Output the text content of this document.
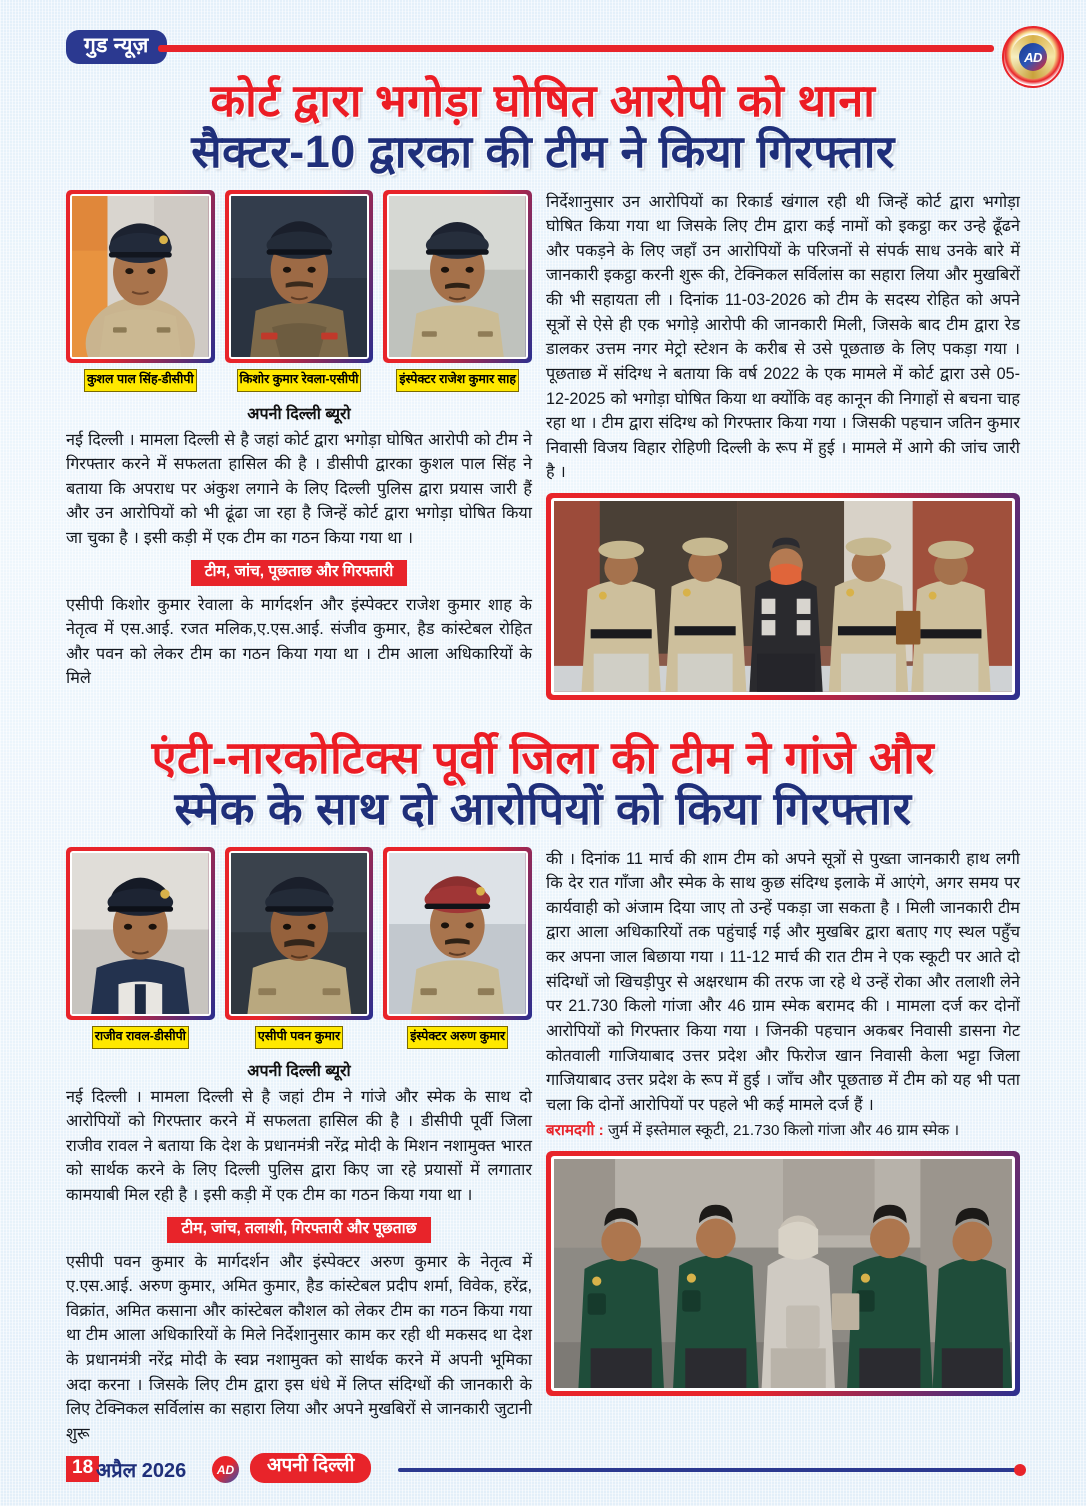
गुड न्यूज़	AD
कोर्ट द्वारा भगोड़ा घोषित आरोपी को थाना
सैक्टर-10 द्वारका की टीम ने किया गिरफ्तार
कुशल पाल सिंह-डीसीपी	किशोर कुमार रेवला-एसीपी	इंस्पेक्टर राजेश कुमार साह
अपनी दिल्ली ब्यूरो
नई दिल्ली । मामला दिल्ली से है जहां कोर्ट द्वारा भगोड़ा घोषित आरोपी को टीम ने गिरफ्तार करने में सफलता हासिल की है । डीसीपी द्वारका कुशल पाल सिंह ने बताया कि अपराध पर अंकुश लगाने के लिए दिल्ली पुलिस द्वारा प्रयास जारी हैं और उन आरोपियों को भी ढूंढा जा रहा है जिन्हें कोर्ट द्वारा भगोड़ा घोषित किया जा चुका है । इसी कड़ी में एक टीम का गठन किया गया था ।
टीम, जांच, पूछताछ और गिरफ्तारी
एसीपी किशोर कुमार रेवाला के मार्गदर्शन और इंस्पेक्टर राजेश कुमार शाह के नेतृत्व में एस.आई. रजत मलिक,ए.एस.आई. संजीव कुमार, हैड कांस्टेबल रोहित और पवन को लेकर टीम का गठन किया गया था । टीम आला अधिकारियों के मिले
निर्देशानुसार उन आरोपियों का रिकार्ड खंगाल रही थी जिन्हें कोर्ट द्वारा भगोड़ा घोषित किया गया था जिसके लिए टीम द्वारा कई नामों को इकट्ठा कर उन्हे ढूँढने और पकड़ने के लिए जहाँ उन आरोपियों के परिजनों से संपर्क साध उनके बारे में जानकारी इकट्ठा करनी शुरू की, टेक्निकल सर्विलांस का सहारा लिया और मुखबिरों की भी सहायता ली । दिनांक 11-03-2026 को टीम के सदस्य रोहित को अपने सूत्रों से ऐसे ही एक भगोड़े आरोपी की जानकारी मिली, जिसके बाद टीम द्वारा रेड डालकर उत्तम नगर मेट्रो स्टेशन के करीब से उसे पूछताछ के लिए पकड़ा गया । पूछताछ में संदिग्ध ने बताया कि वर्ष 2022 के एक मामले में कोर्ट द्वारा उसे 05-12-2025 को भगोड़ा घोषित किया था क्योंकि वह कानून की निगाहों से बचना चाह रहा था । टीम द्वारा संदिग्ध को गिरफ्तार किया गया । जिसकी पहचान जतिन कुमार निवासी विजय विहार रोहिणी दिल्ली के रूप में हुई । मामले में आगे की जांच जारी है ।
एंटी-नारकोटिक्स पूर्वी जिला की टीम ने गांजे और
स्मेक के साथ दो आरोपियों को किया गिरफ्तार
राजीव रावल-डीसीपी	एसीपी पवन कुमार	इंस्पेक्टर अरुण कुमार
अपनी दिल्ली ब्यूरो
नई दिल्ली । मामला दिल्ली से है जहां टीम ने गांजे और स्मेक के साथ दो आरोपियों को गिरफ्तार करने में सफलता हासिल की है । डीसीपी पूर्वी जिला राजीव रावल ने बताया कि देश के प्रधानमंत्री नरेंद्र मोदी के मिशन नशामुक्त भारत को सार्थक करने के लिए दिल्ली पुलिस द्वारा किए जा रहे प्रयासों में लगातार कामयाबी मिल रही है । इसी कड़ी में एक टीम का गठन किया गया था ।
टीम, जांच, तलाशी, गिरफ्तारी और पूछताछ
एसीपी पवन कुमार के मार्गदर्शन और इंस्पेक्टर अरुण कुमार के नेतृत्व में ए.एस.आई. अरुण कुमार, अमित कुमार, हैड कांस्टेबल प्रदीप शर्मा, विवेक, हरेंद्र, विक्रांत, अमित कसाना और कांस्टेबल कौशल को लेकर टीम का गठन किया गया था टीम आला अधिकारियों के मिले निर्देशानुसार काम कर रही थी मकसद था देश के प्रधानमंत्री नरेंद्र मोदी के स्वप्न नशामुक्त को सार्थक करने में अपनी भूमिका अदा करना । जिसके लिए टीम द्वारा इस धंधे में लिप्त संदिग्धों की जानकारी के लिए टेक्निकल सर्विलांस का सहारा लिया और अपने मुखबिरों से जानकारी जुटानी शुरू
की । दिनांक 11 मार्च की शाम टीम को अपने सूत्रों से पुख्ता जानकारी हाथ लगी कि देर रात गाँजा और स्मेक के साथ कुछ संदिग्ध इलाके में आएंगे, अगर समय पर कार्यवाही को अंजाम दिया जाए तो उन्हें पकड़ा जा सकता है । मिली जानकारी टीम द्वारा आला अधिकारियों तक पहुंचाई गई और मुखबिर द्वारा बताए गए स्थल पहुँच कर अपना जाल बिछाया गया । 11-12 मार्च की रात टीम ने एक स्कूटी पर आते दो संदिग्धों जो खिचड़ीपुर से अक्षरधाम की तरफ जा रहे थे उन्हें रोका और तलाशी लेने पर 21.730 किलो गांजा और 46 ग्राम स्मेक बरामद की । मामला दर्ज कर दोनों आरोपियों को गिरफ्तार किया गया । जिनकी पहचान अकबर निवासी डासना गेट कोतवाली गाजियाबाद उत्तर प्रदेश और फिरोज खान निवासी केला भट्टा जिला गाजियाबाद उत्तर प्रदेश के रूप में हुई । जाँच और पूछताछ में टीम को यह भी पता चला कि दोनों आरोपियों पर पहले भी कई मामले दर्ज हैं ।
बरामदगी : जुर्म में इस्तेमाल स्कूटी, 21.730 किलो गांजा और 46 ग्राम स्मेक ।
18 अप्रैल 2026	AD	अपनी दिल्ली
